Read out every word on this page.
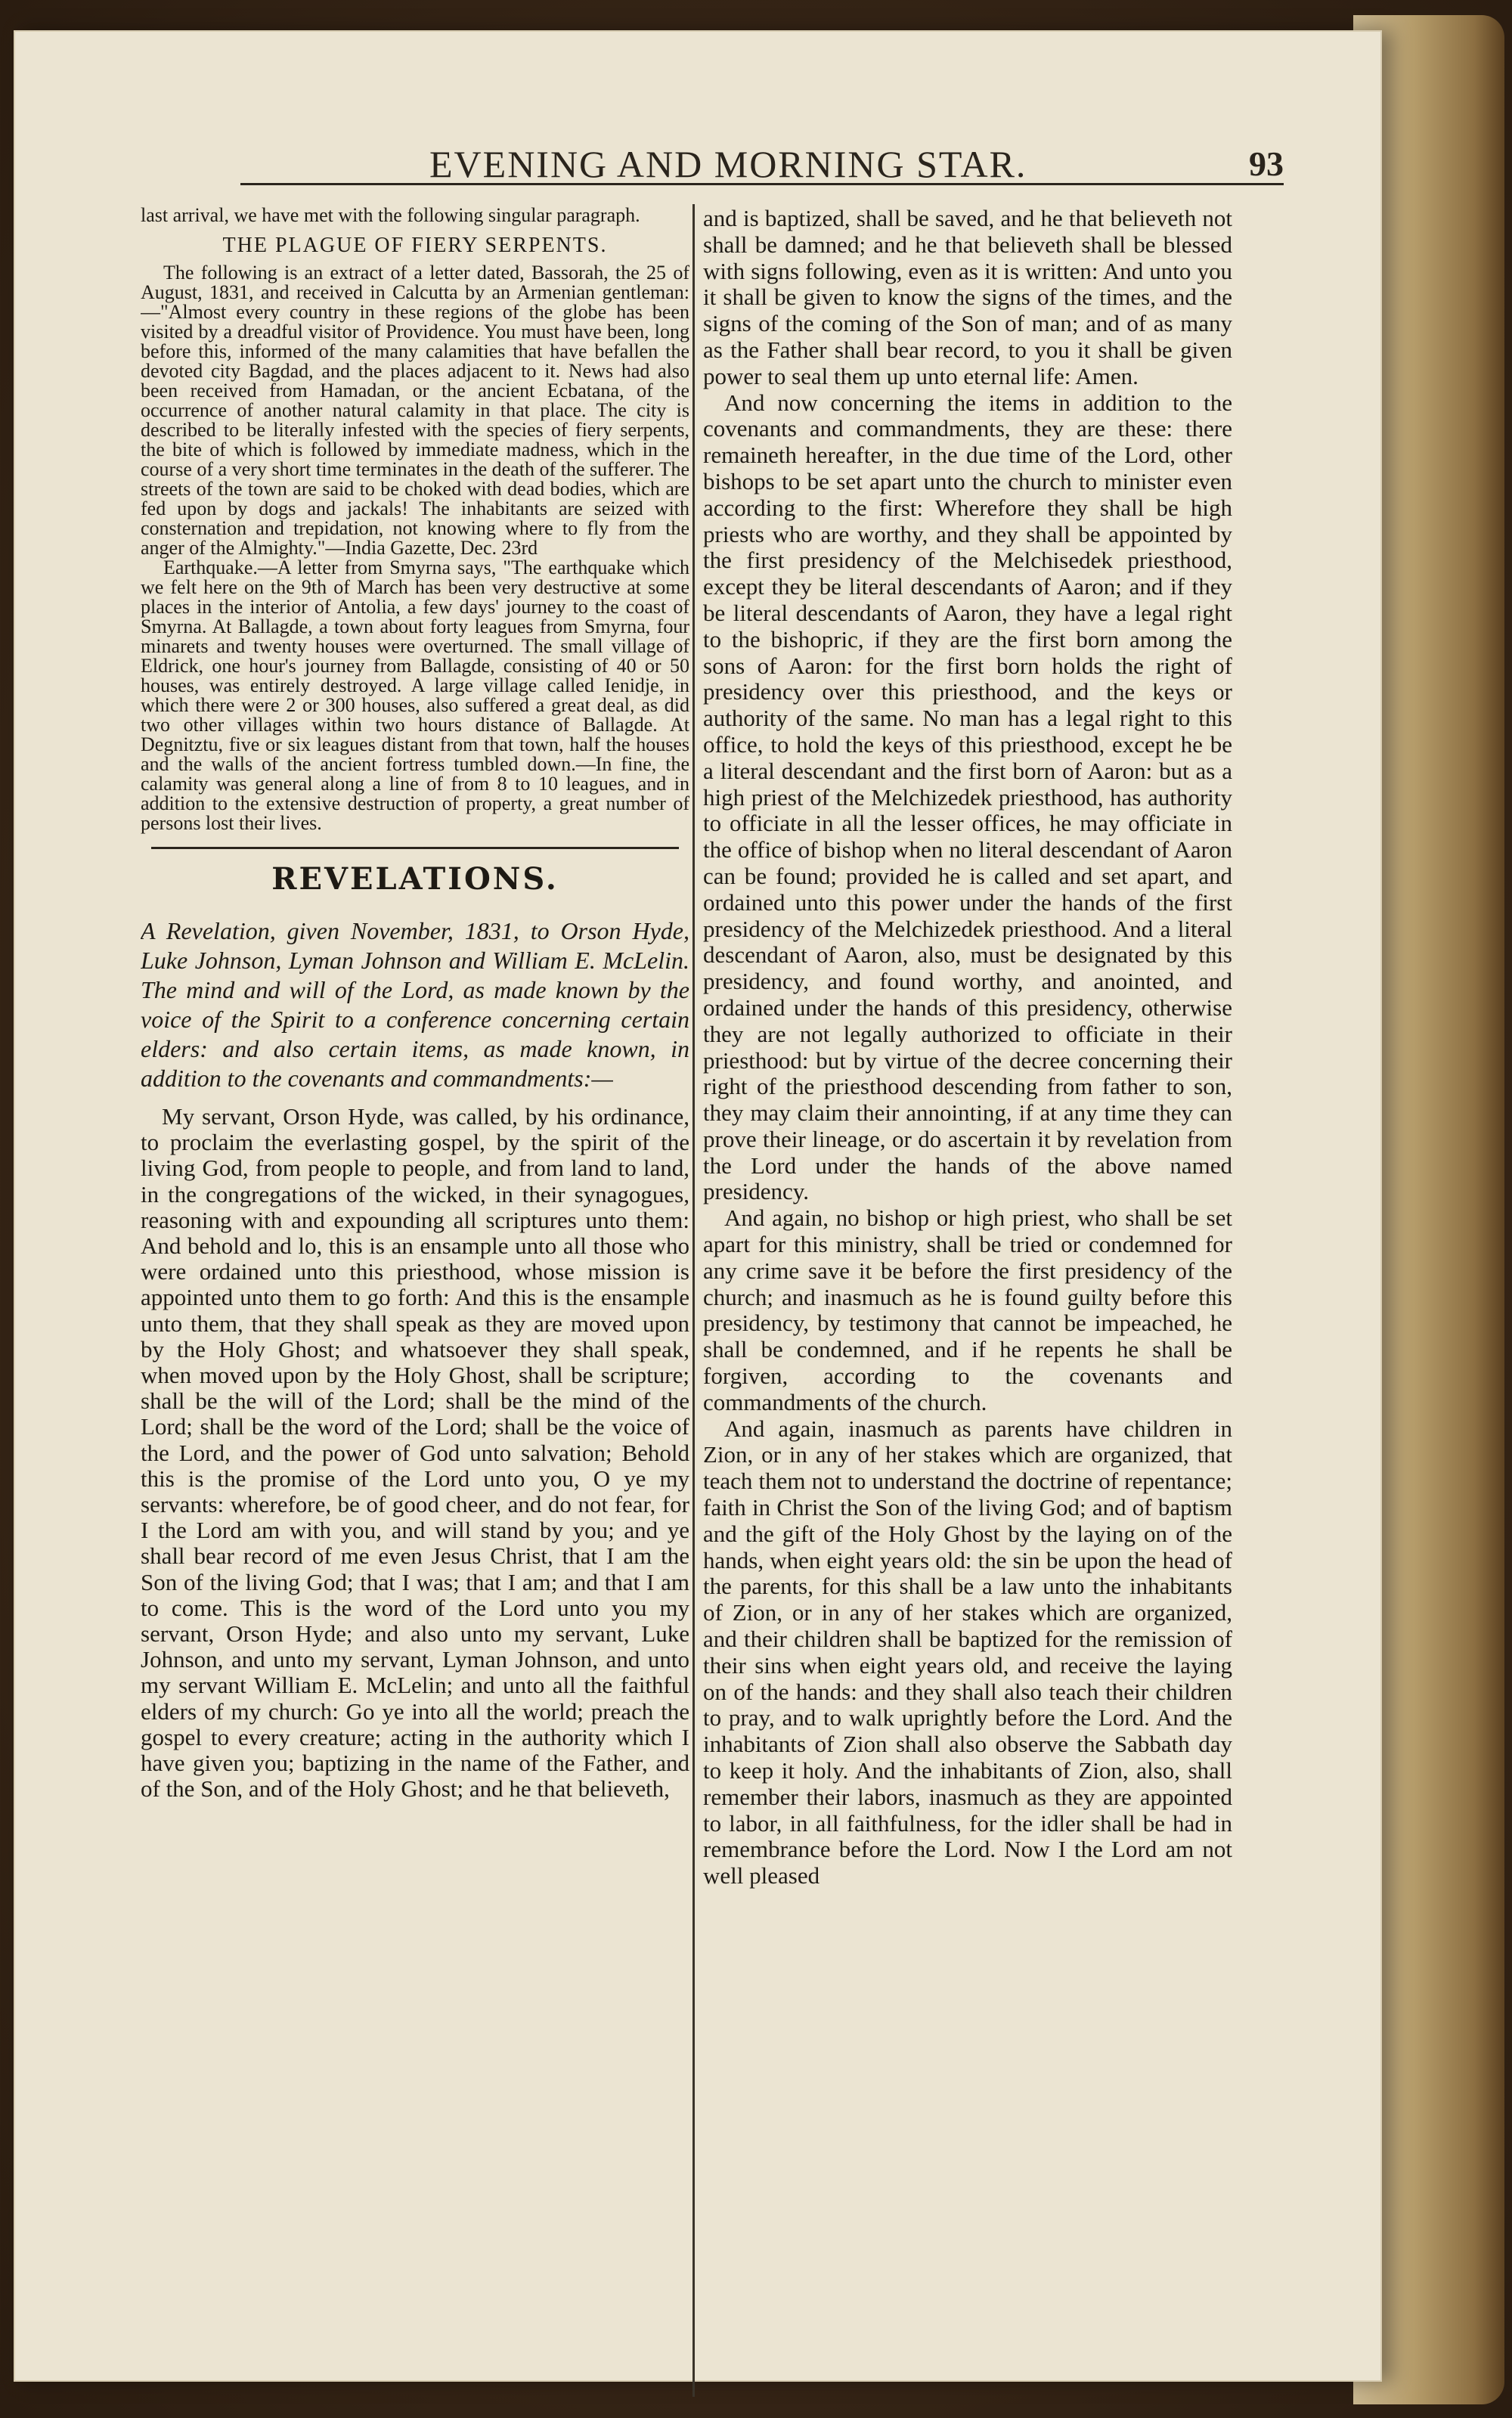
EVENING AND MORNING STAR.	93

last arrival, we have met with the following singular paragraph.

THE PLAGUE OF FIERY SERPENTS.

The following is an extract of a letter dated, Bassorah, the 25 of August, 1831, and received in Calcutta by an Armenian gentleman:—"Almost every country in these regions of the globe has been visited by a dreadful visitor of Providence. You must have been, long before this, informed of the many calamities that have befallen the devoted city Bagdad, and the places adjacent to it. News had also been received from Hamadan, or the ancient Ecbatana, of the occurrence of another natural calamity in that place. The city is described to be literally infested with the species of fiery serpents, the bite of which is followed by immediate madness, which in the course of a very short time terminates in the death of the sufferer. The streets of the town are said to be choked with dead bodies, which are fed upon by dogs and jackals! The inhabitants are seized with consternation and trepidation, not knowing where to fly from the anger of the Almighty."—India Gazette, Dec. 23rd

Earthquake.—A letter from Smyrna says, "The earthquake which we felt here on the 9th of March has been very destructive at some places in the interior of Antolia, a few days' journey to the coast of Smyrna. At Ballagde, a town about forty leagues from Smyrna, four minarets and twenty houses were overturned. The small village of Eldrick, one hour's journey from Ballagde, consisting of 40 or 50 houses, was entirely destroyed. A large village called Ienidje, in which there were 2 or 300 houses, also suffered a great deal, as did two other villages within two hours distance of Ballagde. At Degnitztu, five or six leagues distant from that town, half the houses and the walls of the ancient fortress tumbled down.—In fine, the calamity was general along a line of from 8 to 10 leagues, and in addition to the extensive destruction of property, a great number of persons lost their lives.

REVELATIONS.
A Revelation, given November, 1831, to Orson Hyde, Luke Johnson, Lyman Johnson and William E. McLelin. The mind and will of the Lord, as made known by the voice of the Spirit to a conference concerning certain elders: and also certain items, as made known, in addition to the covenants and commandments:—

My servant, Orson Hyde, was called, by his ordinance, to proclaim the everlasting gospel, by the spirit of the living God, from people to people, and from land to land, in the congregations of the wicked, in their synagogues, reasoning with and expounding all scriptures unto them: And behold and lo, this is an ensample unto all those who were ordained unto this priesthood, whose mission is appointed unto them to go forth: And this is the ensample unto them, that they shall speak as they are moved upon by the Holy Ghost; and whatsoever they shall speak, when moved upon by the Holy Ghost, shall be scripture; shall be the will of the Lord; shall be the mind of the Lord; shall be the word of the Lord; shall be the voice of the Lord, and the power of God unto salvation; Behold this is the promise of the Lord unto you, O ye my servants: wherefore, be of good cheer, and do not fear, for I the Lord am with you, and will stand by you; and ye shall bear record of me even Jesus Christ, that I am the Son of the living God; that I was; that I am; and that I am to come. This is the word of the Lord unto you my servant, Orson Hyde; and also unto my servant, Luke Johnson, and unto my servant, Lyman Johnson, and unto my servant William E. McLelin; and unto all the faithful elders of my church: Go ye into all the world; preach the gospel to every creature; acting in the authority which I have given you; baptizing in the name of the Father, and of the Son, and of the Holy Ghost; and he that believeth,

and is baptized, shall be saved, and he that believeth not shall be damned; and he that believeth shall be blessed with signs following, even as it is written: And unto you it shall be given to know the signs of the times, and the signs of the coming of the Son of man; and of as many as the Father shall bear record, to you it shall be given power to seal them up unto eternal life: Amen.

And now concerning the items in addition to the covenants and commandments, they are these: there remaineth hereafter, in the due time of the Lord, other bishops to be set apart unto the church to minister even according to the first: Wherefore they shall be high priests who are worthy, and they shall be appointed by the first presidency of the Melchisedek priesthood, except they be literal descendants of Aaron; and if they be literal descendants of Aaron, they have a legal right to the bishopric, if they are the first born among the sons of Aaron: for the first born holds the right of presidency over this priesthood, and the keys or authority of the same. No man has a legal right to this office, to hold the keys of this priesthood, except he be a literal descendant and the first born of Aaron: but as a high priest of the Melchizedek priesthood, has authority to officiate in all the lesser offices, he may officiate in the office of bishop when no literal descendant of Aaron can be found; provided he is called and set apart, and ordained unto this power under the hands of the first presidency of the Melchizedek priesthood. And a literal descendant of Aaron, also, must be designated by this presidency, and found worthy, and anointed, and ordained under the hands of this presidency, otherwise they are not legally authorized to officiate in their priesthood: but by virtue of the decree concerning their right of the priesthood descending from father to son, they may claim their annointing, if at any time they can prove their lineage, or do ascertain it by revelation from the Lord under the hands of the above named presidency.

And again, no bishop or high priest, who shall be set apart for this ministry, shall be tried or condemned for any crime save it be before the first presidency of the church; and inasmuch as he is found guilty before this presidency, by testimony that cannot be impeached, he shall be condemned, and if he repents he shall be forgiven, according to the covenants and commandments of the church.

And again, inasmuch as parents have children in Zion, or in any of her stakes which are organized, that teach them not to understand the doctrine of repentance; faith in Christ the Son of the living God; and of baptism and the gift of the Holy Ghost by the laying on of the hands, when eight years old: the sin be upon the head of the parents, for this shall be a law unto the inhabitants of Zion, or in any of her stakes which are organized, and their children shall be baptized for the remission of their sins when eight years old, and receive the laying on of the hands: and they shall also teach their children to pray, and to walk uprightly before the Lord. And the inhabitants of Zion shall also observe the Sabbath day to keep it holy. And the inhabitants of Zion, also, shall remember their labors, inasmuch as they are appointed to labor, in all faithfulness, for the idler shall be had in remembrance before the Lord. Now I the Lord am not well pleased
